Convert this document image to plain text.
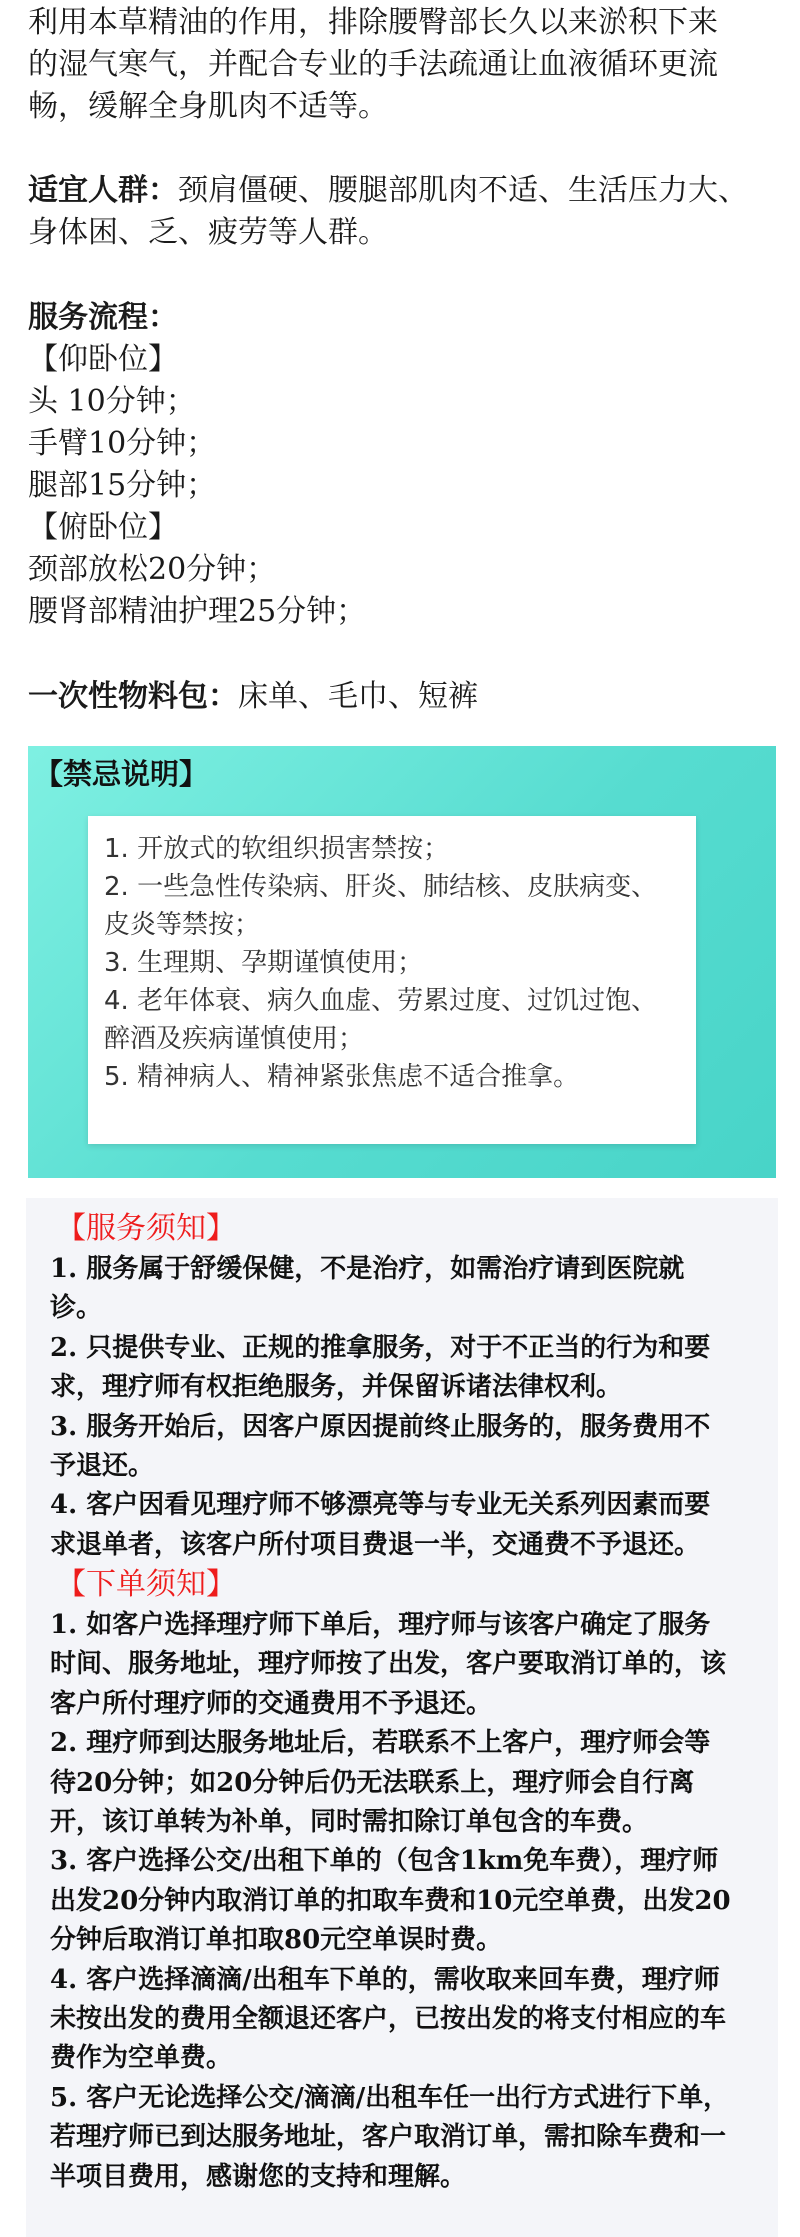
利用本草精油的作用，排除腰臀部长久以来淤积下来
的湿气寒气，并配合专业的手法疏通让血液循环更流
畅，缓解全身肌肉不适等。
适宜人群：颈肩僵硬、腰腿部肌肉不适、生活压力大、
身体困、乏、疲劳等人群。
服务流程：
【仰卧位】
头 10分钟；
手臂10分钟；
腿部15分钟；
【俯卧位】
颈部放松20分钟；
腰肾部精油护理25分钟；
一次性物料包：床单、毛巾、短裤
【禁忌说明】
1. 开放式的软组织损害禁按；
2. 一些急性传染病、肝炎、肺结核、皮肤病变、
皮炎等禁按；
3. 生理期、孕期谨慎使用；
4. 老年体衰、病久血虚、劳累过度、过饥过饱、
醉酒及疾病谨慎使用；
5. 精神病人、精神紧张焦虑不适合推拿。
【服务须知】
1. 服务属于舒缓保健，不是治疗，如需治疗请到医院就
诊。
2. 只提供专业、正规的推拿服务，对于不正当的行为和要
求，理疗师有权拒绝服务，并保留诉诸法律权利。
3. 服务开始后，因客户原因提前终止服务的，服务费用不
予退还。
4. 客户因看见理疗师不够漂亮等与专业无关系列因素而要
求退单者，该客户所付项目费退一半，交通费不予退还。
【下单须知】
1. 如客户选择理疗师下单后，理疗师与该客户确定了服务
时间、服务地址，理疗师按了出发，客户要取消订单的，该
客户所付理疗师的交通费用不予退还。
2. 理疗师到达服务地址后，若联系不上客户，理疗师会等
待20分钟；如20分钟后仍无法联系上，理疗师会自行离
开，该订单转为补单，同时需扣除订单包含的车费。
3. 客户选择公交/出租下单的（包含1km免车费），理疗师
出发20分钟内取消订单的扣取车费和10元空单费，出发20
分钟后取消订单扣取80元空单误时费。
4. 客户选择滴滴/出租车下单的，需收取来回车费，理疗师
未按出发的费用全额退还客户，已按出发的将支付相应的车
费作为空单费。
5. 客户无论选择公交/滴滴/出租车任一出行方式进行下单，
若理疗师已到达服务地址，客户取消订单，需扣除车费和一
半项目费用，感谢您的支持和理解。
